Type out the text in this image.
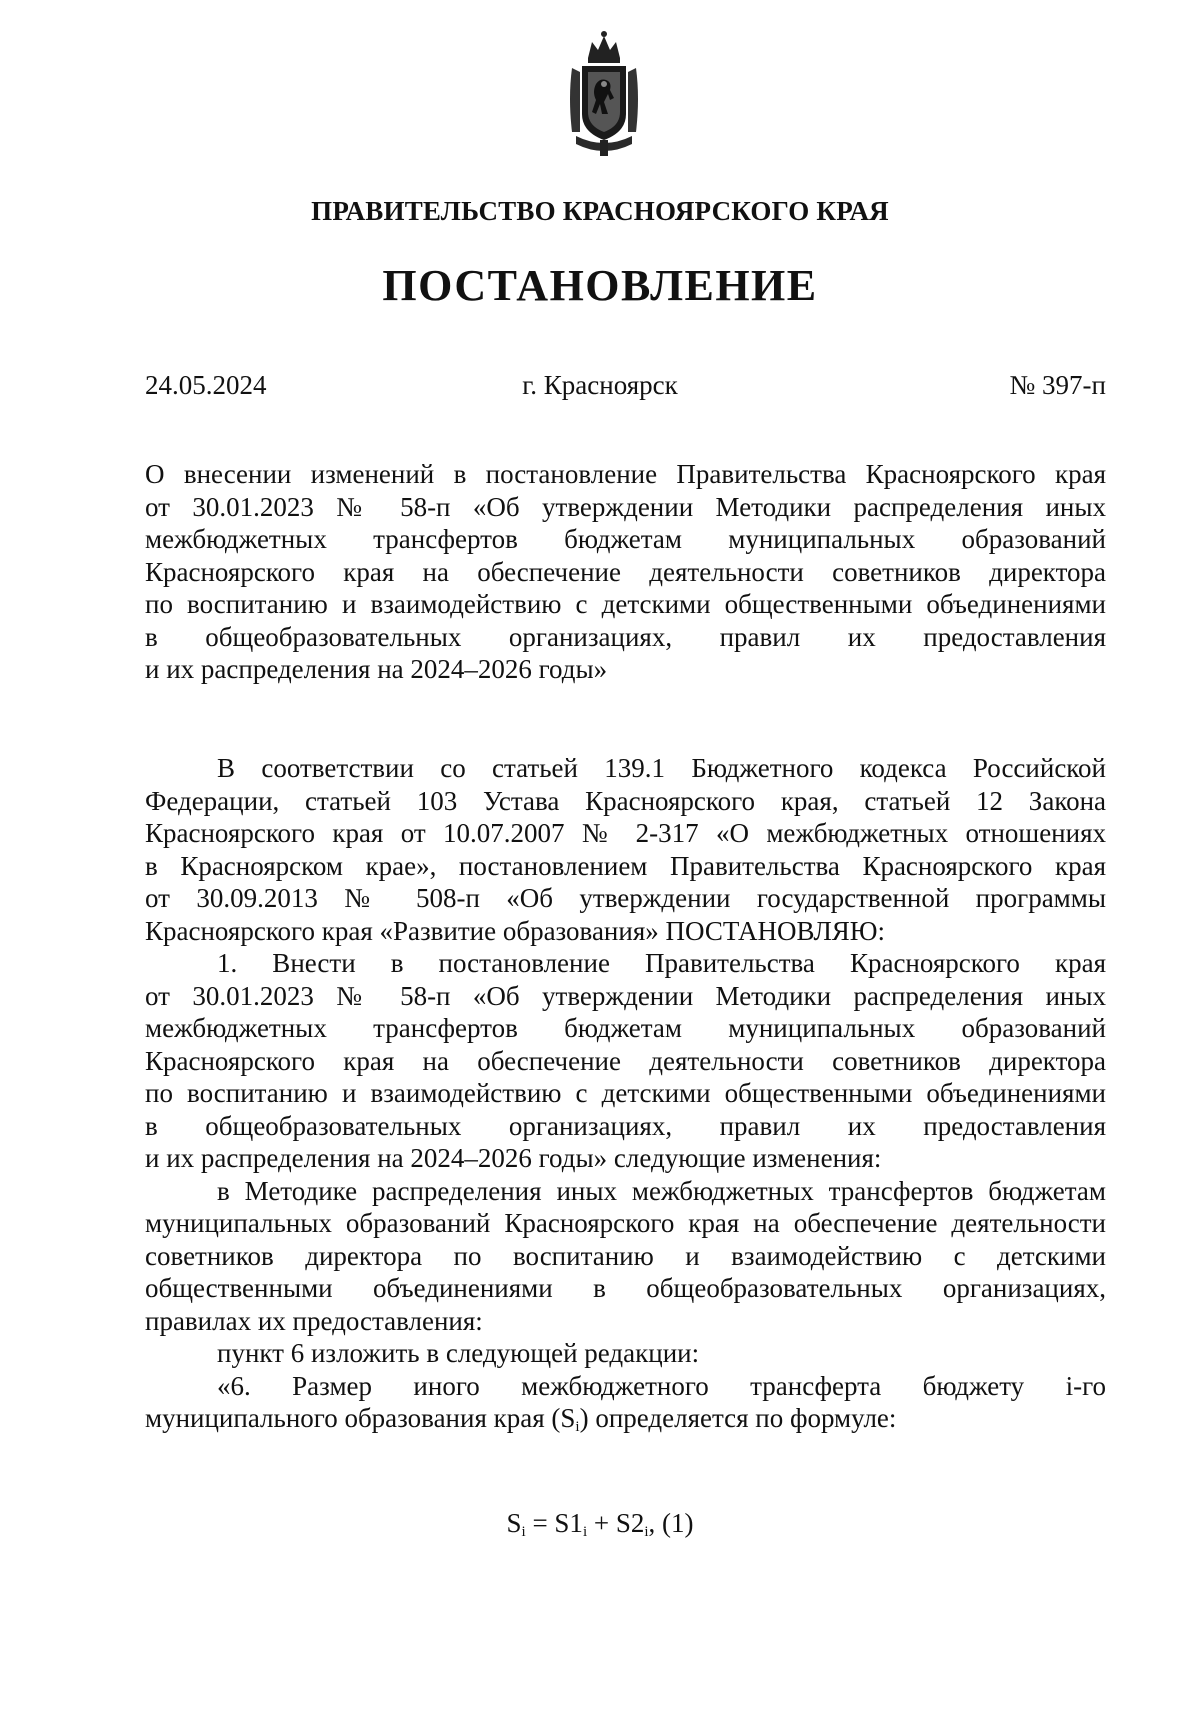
ПРАВИТЕЛЬСТВО КРАСНОЯРСКОГО КРАЯ
ПОСТАНОВЛЕНИЕ
24.05.2024	г. Красноярск	№ 397-п
О внесении изменений в постановление Правительства Красноярского края
от 30.01.2023 № 58-п «Об утверждении Методики распределения иных
межбюджетных трансфертов бюджетам муниципальных образований
Красноярского края на обеспечение деятельности советников директора
по воспитанию и взаимодействию с детскими общественными объединениями
в общеобразовательных организациях, правил их предоставления
и их распределения на 2024–2026 годы»
В соответствии со статьей 139.1 Бюджетного кодекса Российской
Федерации, статьей 103 Устава Красноярского края, статьей 12 Закона
Красноярского края от 10.07.2007 № 2-317 «О межбюджетных отношениях
в Красноярском крае», постановлением Правительства Красноярского края
от 30.09.2013 № 508-п «Об утверждении государственной программы
Красноярского края «Развитие образования» ПОСТАНОВЛЯЮ:
1. Внести в постановление Правительства Красноярского края
от 30.01.2023 № 58-п «Об утверждении Методики распределения иных
межбюджетных трансфертов бюджетам муниципальных образований
Красноярского края на обеспечение деятельности советников директора
по воспитанию и взаимодействию с детскими общественными объединениями
в общеобразовательных организациях, правил их предоставления
и их распределения на 2024–2026 годы» следующие изменения:
в Методике распределения иных межбюджетных трансфертов бюджетам
муниципальных образований Красноярского края на обеспечение деятельности
советников директора по воспитанию и взаимодействию с детскими
общественными объединениями в общеобразовательных организациях,
правилах их предоставления:
пункт 6 изложить в следующей редакции:
«6. Размер иного межбюджетного трансферта бюджету i-го
муниципального образования края $(S_i)$ определяется по формуле:
$S_i = S1_i + S2_i$, (1)
